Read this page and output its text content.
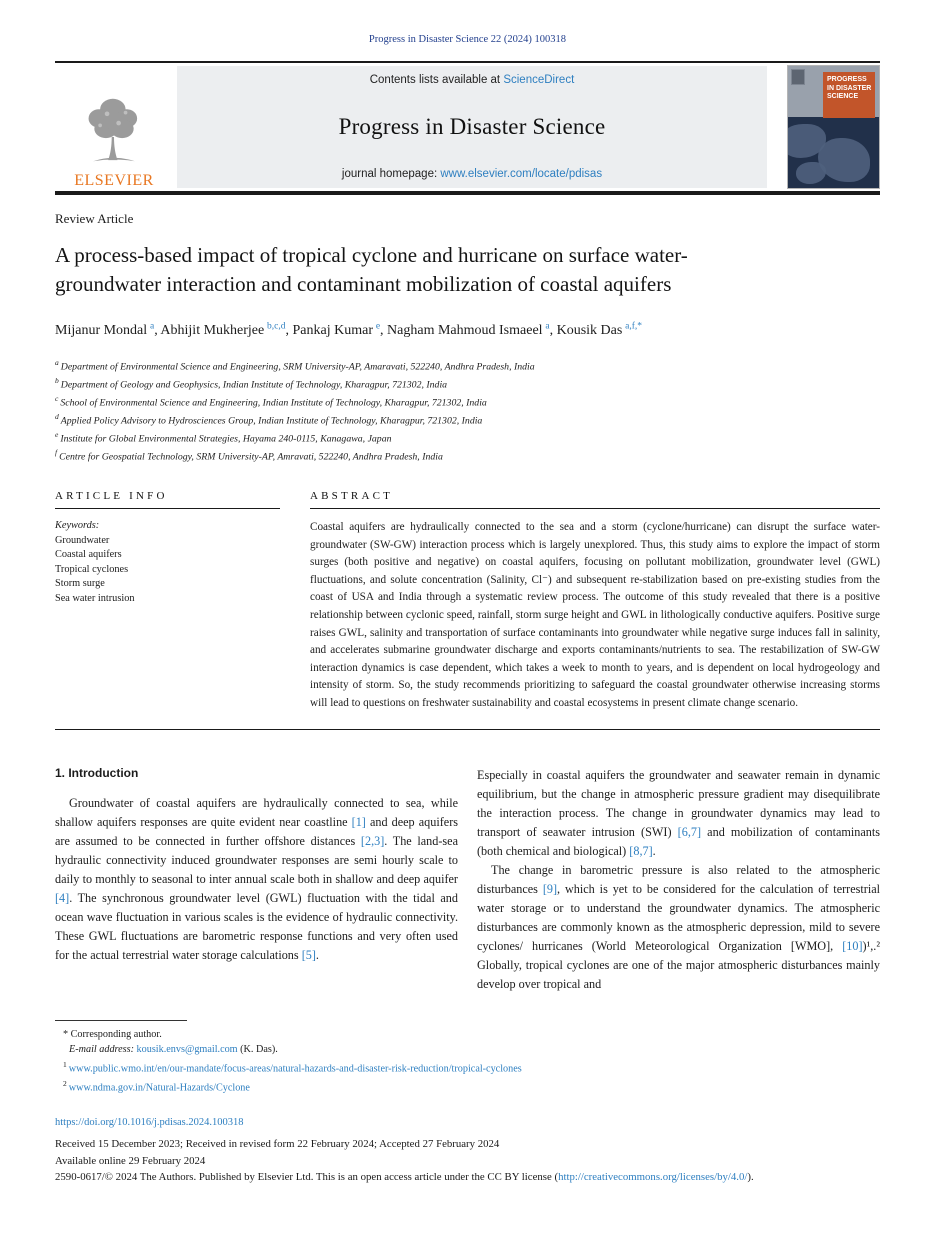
Progress in Disaster Science 22 (2024) 100318
ELSEVIER
Contents lists available at ScienceDirect
Progress in Disaster Science
journal homepage: www.elsevier.com/locate/pdisas
PROGRESS
IN DISASTER
SCIENCE
Review Article
A process-based impact of tropical cyclone and hurricane on surface water-groundwater interaction and contaminant mobilization of coastal aquifers
Mijanur Mondal  $^a$ , Abhijit Mukherjee  $^{b,c,d}$ , Pankaj Kumar  $^e$ , Nagham Mahmoud Ismaeel  $^a$ , Kousik Das  $^{a,f,*}$
$^a$ Department of Environmental Science and Engineering, SRM University-AP, Amaravati, 522240, Andhra Pradesh, India
$^b$ Department of Geology and Geophysics, Indian Institute of Technology, Kharagpur, 721302, India
$^c$ School of Environmental Science and Engineering, Indian Institute of Technology, Kharagpur, 721302, India
$^d$ Applied Policy Advisory to Hydrosciences Group, Indian Institute of Technology, Kharagpur, 721302, India
$^e$ Institute for Global Environmental Strategies, Hayama 240-0115, Kanagawa, Japan
$^f$ Centre for Geospatial Technology, SRM University-AP, Amravati, 522240, Andhra Pradesh, India
ARTICLE INFO
Keywords:
Groundwater
Coastal aquifers
Tropical cyclones
Storm surge
Sea water intrusion
ABSTRACT
Coastal aquifers are hydraulically connected to the sea and a storm (cyclone/hurricane) can disrupt the surface water-groundwater (SW-GW) interaction process which is largely unexplored. Thus, this study aims to explore the impact of storm surges (both positive and negative) on coastal aquifers, focusing on pollutant mobilization, groundwater level (GWL) fluctuations, and solute concentration (Salinity, Cl⁻) and subsequent re-stabilization based on pre-existing studies from the coast of USA and India through a systematic review process. The outcome of this study revealed that there is a positive relationship between cyclonic speed, rainfall, storm surge height and GWL in lithologically conductive aquifers. Positive surge raises GWL, salinity and transportation of surface contaminants into groundwater while negative surge induces fall in salinity, and accelerates submarine groundwater discharge and exports contaminants/nutrients to sea. The restabilization of SW-GW interaction dynamics is case dependent, which takes a week to month to years, and is dependent on local hydrogeology and intensity of storm. So, the study recommends prioritizing to safeguard the coastal groundwater otherwise increasing storms will lead to questions on freshwater sustainability and coastal ecosystems in present climate change scenario.
1. Introduction

Groundwater of coastal aquifers are hydraulically connected to sea, while shallow aquifers responses are quite evident near coastline [1] and deep aquifers are assumed to be connected in further offshore distances [2,3]. The land-sea hydraulic connectivity induced groundwater responses are semi hourly scale to daily to monthly to seasonal to inter annual scale both in shallow and deep aquifer [4]. The synchronous groundwater level (GWL) fluctuation with the tidal and ocean wave fluctuation in various scales is the evidence of hydraulic connectivity. These GWL fluctuations are barometric response functions and very often used for the actual terrestrial water storage calculations [5].

Especially in coastal aquifers the groundwater and seawater remain in dynamic equilibrium, but the change in atmospheric pressure gradient may disequilibrate the interaction process. The change in groundwater dynamics may lead to transport of seawater intrusion (SWI) [6,7] and mobilization of contaminants (both chemical and biological) [8,7].

The change in barometric pressure is also related to the atmospheric disturbances [9], which is yet to be considered for the calculation of terrestrial water storage or to understand the groundwater dynamics. The atmospheric disturbances are commonly known as the atmospheric depression, mild to severe cyclones/ hurricanes (World Meteorological Organization [WMO], [10])¹,.² Globally, tropical cyclones are one of the major atmospheric disturbances mainly develop over tropical and

* Corresponding author.
E-mail address: kousik.envs@gmail.com (K. Das).
$^1$ www.public.wmo.int/en/our-mandate/focus-areas/natural-hazards-and-disaster-risk-reduction/tropical-cyclones
$^2$ www.ndma.gov.in/Natural-Hazards/Cyclone
https://doi.org/10.1016/j.pdisas.2024.100318
Received 15 December 2023; Received in revised form 22 February 2024; Accepted 27 February 2024
Available online 29 February 2024
2590-0617/© 2024 The Authors. Published by Elsevier Ltd. This is an open access article under the CC BY license (http://creativecommons.org/licenses/by/4.0/).
